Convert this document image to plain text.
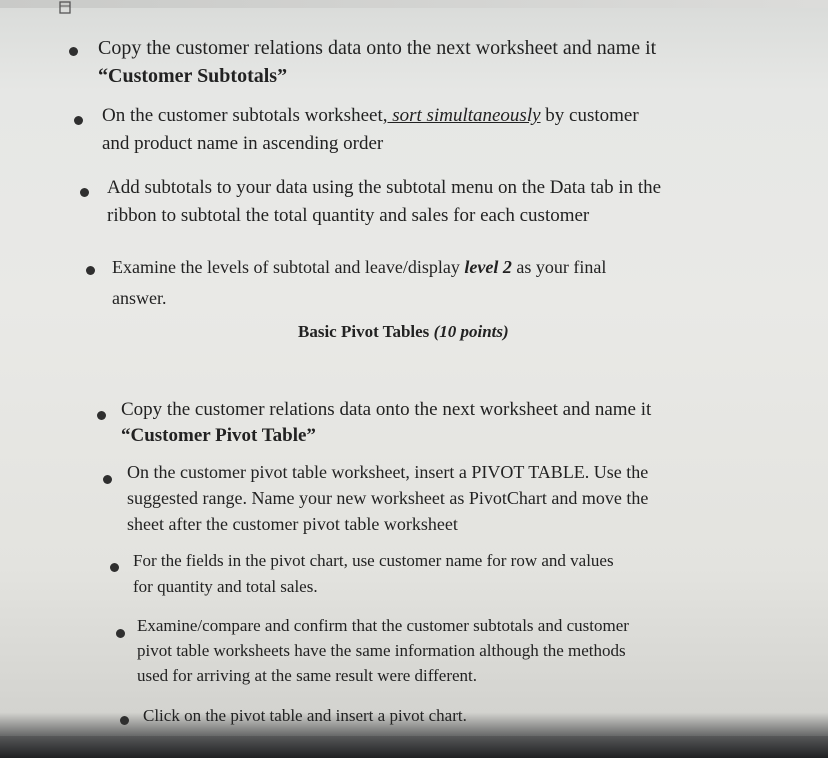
Copy the customer relations data onto the next worksheet and name it
“Customer Subtotals”
On the customer subtotals worksheet, sort simultaneously by customer
and product name in ascending order
Add subtotals to your data using the subtotal menu on the Data tab in the
ribbon to subtotal the total quantity and sales for each customer
Examine the levels of subtotal and leave/display level 2 as your final
answer.
Basic Pivot Tables (10 points)
Copy the customer relations data onto the next worksheet and name it
“Customer Pivot Table”
On the customer pivot table worksheet, insert a PIVOT TABLE. Use the
suggested range. Name your new worksheet as PivotChart and move the
sheet after the customer pivot table worksheet
For the fields in the pivot chart, use customer name for row and values
for quantity and total sales.
Examine/compare and confirm that the customer subtotals and customer
pivot table worksheets have the same information although the methods
used for arriving at the same result were different.
Click on the pivot table and insert a pivot chart.
